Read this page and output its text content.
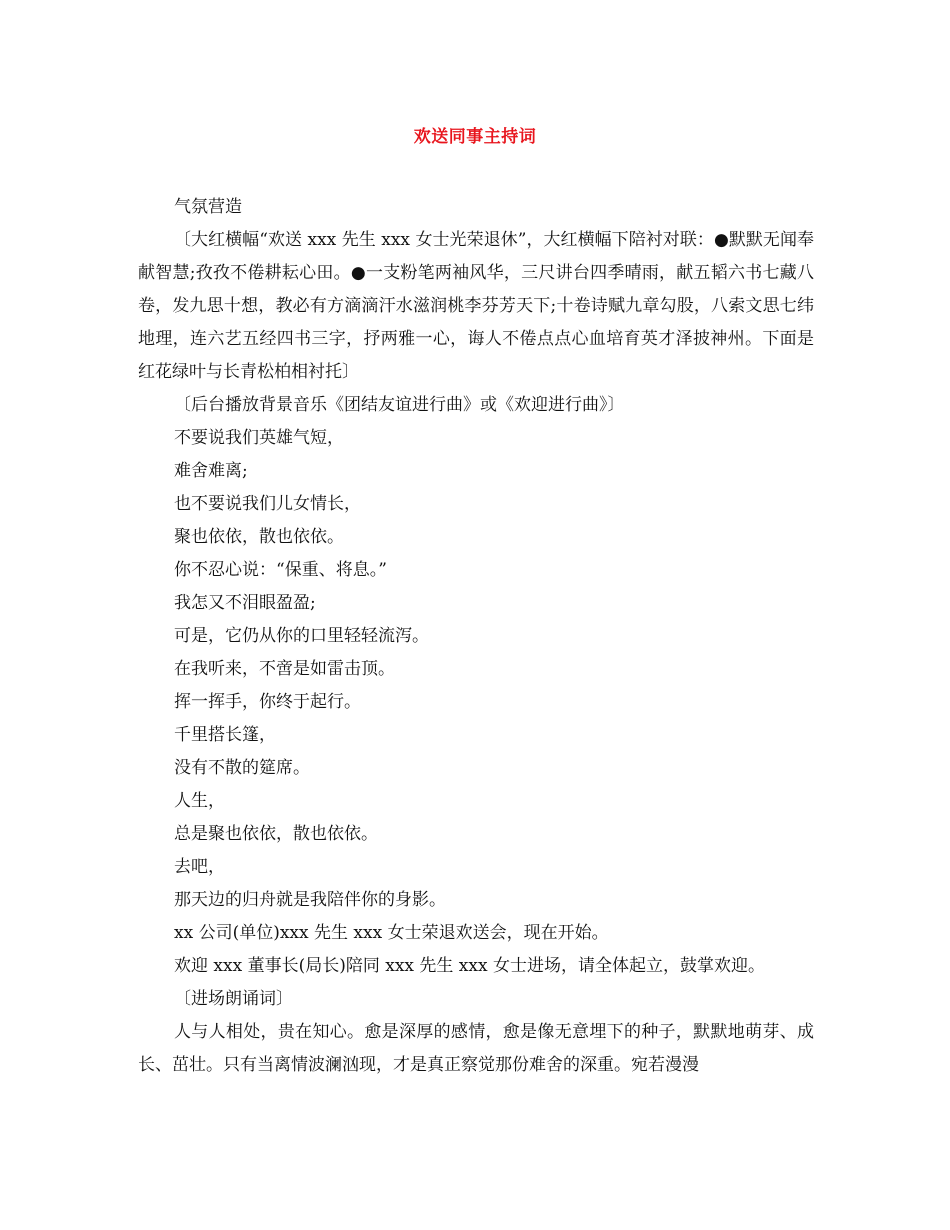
欢送同事主持词

气氛营造

〔大红横幅“欢送 xxx 先生 xxx 女士光荣退休”，大红横幅下陪衬对联：●默默无闻奉献智慧;孜孜不倦耕耘心田。●一支粉笔两袖风华，三尺讲台四季晴雨，献五韬六书七藏八卷，发九思十想，教必有方滴滴汗水滋润桃李芬芳天下;十卷诗赋九章勾股，八索文思七纬地理，连六艺五经四书三字，抒两雅一心，诲人不倦点点心血培育英才泽披神州。下面是红花绿叶与长青松柏相衬托〕

〔后台播放背景音乐《团结友谊进行曲》或《欢迎进行曲》〕

不要说我们英雄气短，

难舍难离;

也不要说我们儿女情长，

聚也依依，散也依依。

你不忍心说：“保重、将息。”

我怎又不泪眼盈盈;

可是，它仍从你的口里轻轻流泻。

在我听来，不啻是如雷击顶。

挥一挥手，你终于起行。

千里搭长篷，

没有不散的筵席。

人生，

总是聚也依依，散也依依。

去吧，

那天边的归舟就是我陪伴你的身影。

xx 公司(单位)xxx 先生 xxx 女士荣退欢送会，现在开始。

欢迎 xxx 董事长(局长)陪同 xxx 先生 xxx 女士进场，请全体起立，鼓掌欢迎。

〔进场朗诵词〕

人与人相处，贵在知心。愈是深厚的感情，愈是像无意埋下的种子，默默地萌芽、成长、茁壮。只有当离情波澜汹现，才是真正察觉那份难舍的深重。宛若漫漫
